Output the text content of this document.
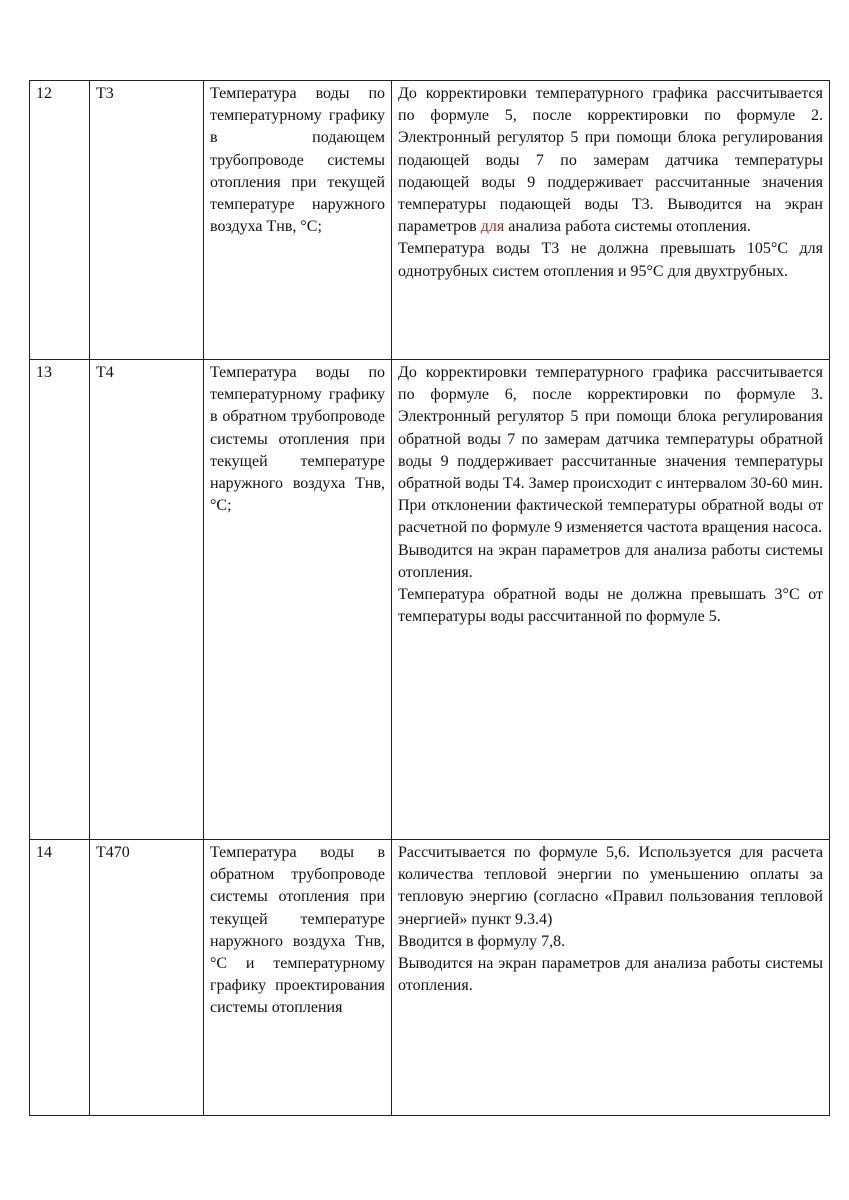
12	Т3	Температура воды по температурному графику в подающем трубопроводе системы отопления при текущей температуре наружного воздуха Тнв, °С;	До корректировки температурного графика рассчитывается по формуле 5, после корректировки по формуле 2. Электронный регулятор 5 при помощи блока регулирования подающей воды 7 по замерам датчика температуры подающей воды 9 поддерживает рассчитанные значения температуры подающей воды Т3. Выводится на экран параметров для анализа работа системы отопления.

Температура воды Т3 не должна превышать 105°С для однотрубных систем отопления и 95°С для двухтрубных.

13	Т4	Температура воды по температурному графику в обратном трубопроводе системы отопления при текущей температуре наружного воздуха Тнв, °С;	До корректировки температурного графика рассчитывается по формуле 6, после корректировки по формуле 3. Электронный регулятор 5 при помощи блока регулирования обратной воды 7 по замерам датчика температуры обратной воды 9 поддерживает рассчитанные значения температуры обратной воды Т4. Замер происходит с интервалом 30-60 мин. При отклонении фактической температуры обратной воды от расчетной по формуле 9 изменяется частота вращения насоса.

Выводится на экран параметров для анализа работы системы отопления.

Температура обратной воды не должна превышать 3°С от температуры воды рассчитанной по формуле 5.

14	Т470	Температура воды в обратном трубопроводе системы отопления при текущей температуре наружного воздуха Тнв, °С и температурному графику проектирования системы отопления	Рассчитывается по формуле 5,6. Используется для расчета количества тепловой энергии по уменьшению оплаты за тепловую энергию (согласно «Правил пользования тепловой энергией» пункт 9.3.4)

Вводится в формулу 7,8.

Выводится на экран параметров для анализа работы системы отопления.
